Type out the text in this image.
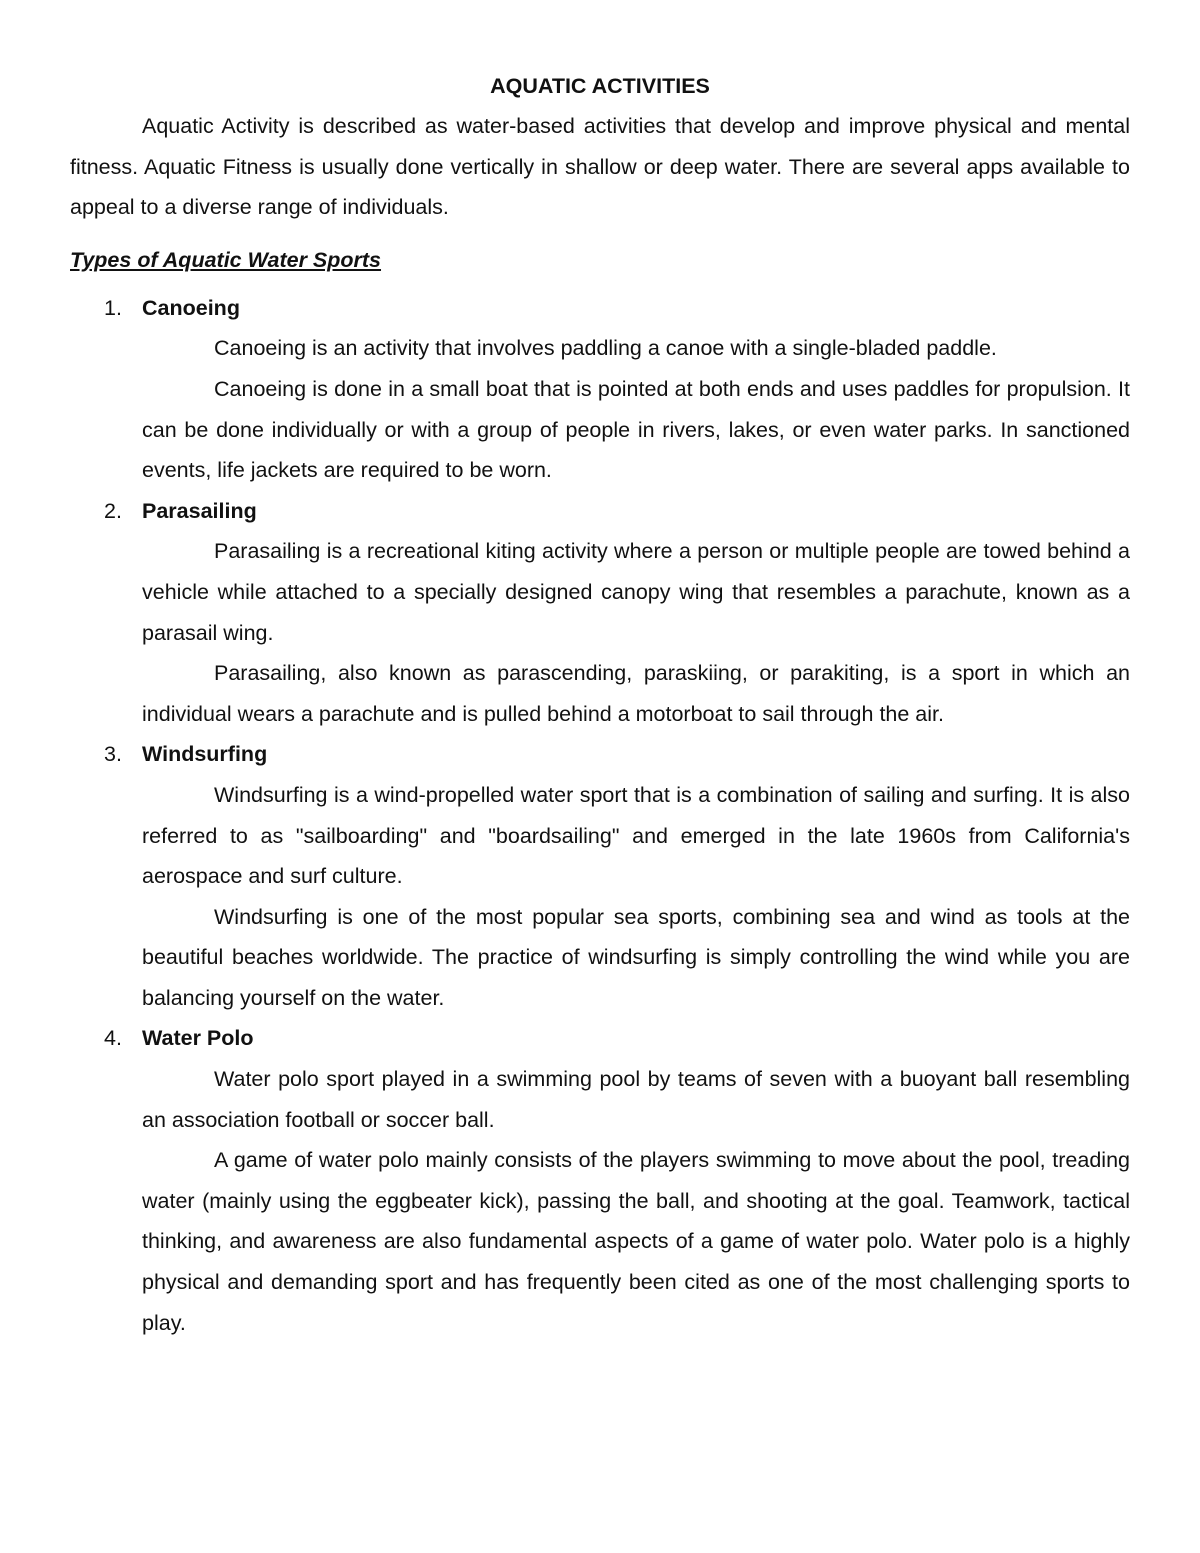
AQUATIC ACTIVITIES

Aquatic Activity is described as water-based activities that develop and improve physical and mental fitness. Aquatic Fitness is usually done vertically in shallow or deep water. There are several apps available to appeal to a diverse range of individuals.

Types of Aquatic Water Sports
1. Canoeing

Canoeing is an activity that involves paddling a canoe with a single-bladed paddle.

Canoeing is done in a small boat that is pointed at both ends and uses paddles for propulsion. It can be done individually or with a group of people in rivers, lakes, or even water parks. In sanctioned events, life jackets are required to be worn.

2. Parasailing

Parasailing is a recreational kiting activity where a person or multiple people are towed behind a vehicle while attached to a specially designed canopy wing that resembles a parachute, known as a parasail wing.

Parasailing, also known as parascending, paraskiing, or parakiting, is a sport in which an individual wears a parachute and is pulled behind a motorboat to sail through the air.

3. Windsurfing

Windsurfing is a wind-propelled water sport that is a combination of sailing and surfing. It is also referred to as "sailboarding" and "boardsailing" and emerged in the late 1960s from California's aerospace and surf culture.

Windsurfing is one of the most popular sea sports, combining sea and wind as tools at the beautiful beaches worldwide. The practice of windsurfing is simply controlling the wind while you are balancing yourself on the water.

4. Water Polo

Water polo sport played in a swimming pool by teams of seven with a buoyant ball resembling an association football or soccer ball.

A game of water polo mainly consists of the players swimming to move about the pool, treading water (mainly using the eggbeater kick), passing the ball, and shooting at the goal. Teamwork, tactical thinking, and awareness are also fundamental aspects of a game of water polo. Water polo is a highly physical and demanding sport and has frequently been cited as one of the most challenging sports to play.
